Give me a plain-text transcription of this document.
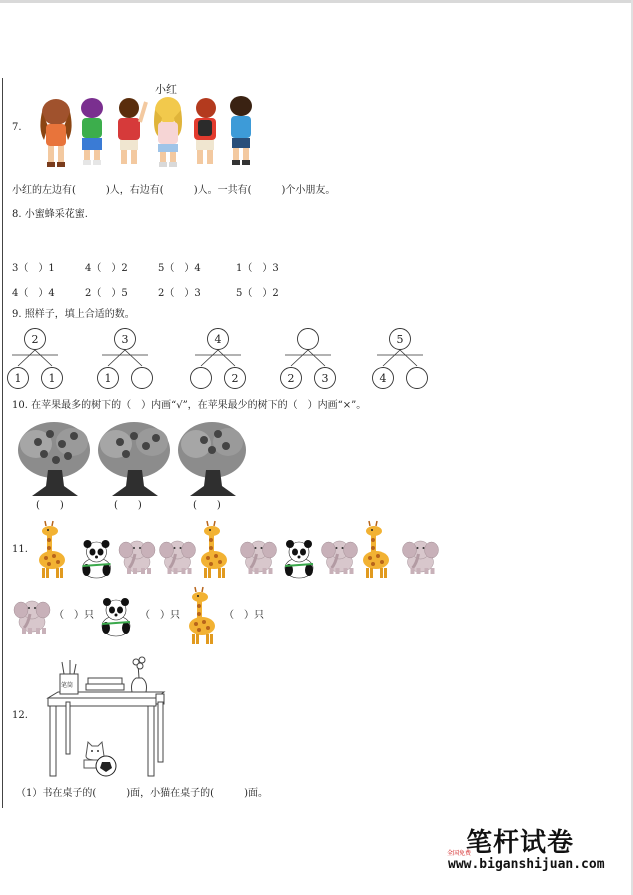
7.
小红
小红的左边有(　　　)人，右边有(　　　)人。一共有(　　　)个小朋友。
8. 小蜜蜂采花蜜.
3（　）1	4（　）2	5（　）4	1（　）3
4（　）4	2（　）5	2（　）3	5（　）2
9. 照样子，填上合适的数。
2
1 1
3
1
4
2	2 3
5
4
10. 在苹果最多的树下的（　）内画“√”，在苹果最少的树下的（　）内画“×”。
(　　)	(　　)	(　　)
11.
（　）只	（　）只	（　）只
12.
笔筒
（1）书在桌子的(　　　)面，小猫在桌子的(　　　)面。
笔杆试卷
全国免费
www.biganshijuan.com
